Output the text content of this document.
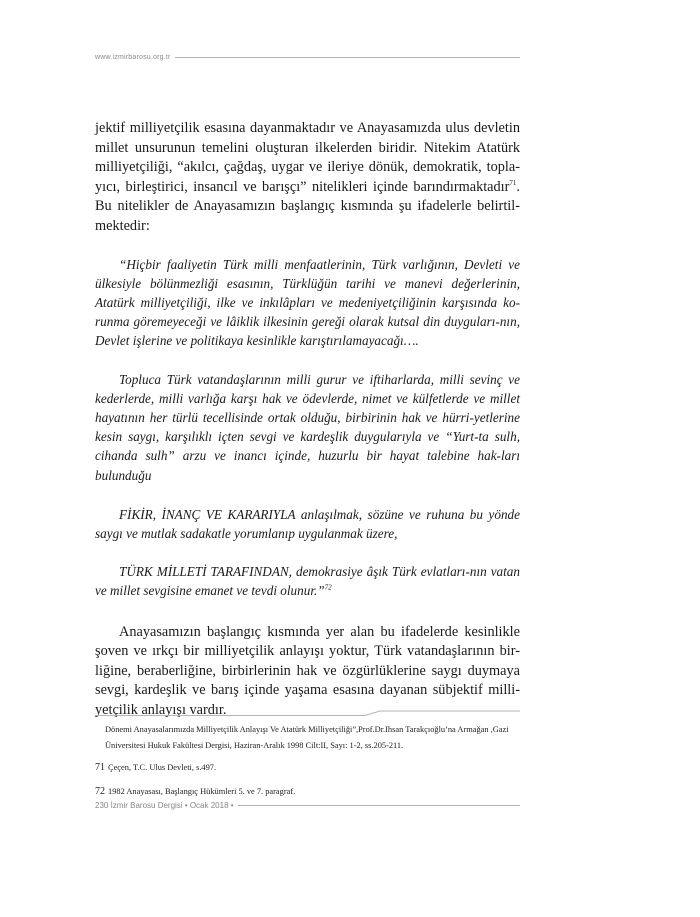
www.izmirbarosu.org.tr

jektif milliyetçilik esasına dayanmaktadır ve Anayasamızda ulus devletin millet unsurunun temelini oluşturan ilkelerden biridir. Nitekim Atatürk milliyetçiliği, “akılcı, çağdaş, uygar ve ileriye dönük, demokratik, topla-yıcı, birleştirici, insancıl ve barışçı” nitelikleri içinde barındırmaktadır$^{71}$. Bu nitelikler de Anayasamızın başlangıç kısmında şu ifadelerle belirtil-mektedir:

“Hiçbir faaliyetin Türk milli menfaatlerinin, Türk varlığının, Devleti ve ülkesiyle bölünmezliği esasının, Türklüğün tarihi ve manevi değerlerinin, Atatürk milliyetçiliği, ilke ve inkılâpları ve medeniyetçiliğinin karşısında ko-runma göremeyeceği ve lâiklik ilkesinin gereği olarak kutsal din duyguları-nın, Devlet işlerine ve politikaya kesinlikle karıştırılamayacağı….

Topluca Türk vatandaşlarının milli gurur ve iftiharlarda, milli sevinç ve kederlerde, milli varlığa karşı hak ve ödevlerde, nimet ve külfetlerde ve millet hayatının her türlü tecellisinde ortak olduğu, birbirinin hak ve hürri-yetlerine kesin saygı, karşılıklı içten sevgi ve kardeşlik duygularıyla ve “Yurt-ta sulh, cihanda sulh” arzu ve inancı içinde, huzurlu bir hayat talebine hak-ları bulunduğu

FİKİR, İNANÇ VE KARARIYLA anlaşılmak, sözüne ve ruhuna bu yönde saygı ve mutlak sadakatle yorumlanıp uygulanmak üzere,

TÜRK MİLLETİ TARAFINDAN, demokrasiye âşık Türk evlatları-nın vatan ve millet sevgisine emanet ve tevdi olunur.”$^{72}$

Anayasamızın başlangıç kısmında yer alan bu ifadelerde kesinlikle şoven ve ırkçı bir milliyetçilik anlayışı yoktur, Türk vatandaşlarının bir-liğine, beraberliğine, birbirlerinin hak ve özgürlüklerine saygı duymaya sevgi, kardeşlik ve barış içinde yaşama esasına dayanan sübjektif milli-yetçilik anlayışı vardır.

Dönemi Anayasalarımızda Milliyetçilik Anlayışı Ve Atatürk Milliyetçiliği”,Prof.Dr.Ihsan Tarakçıoğlu’na Armağan ,Gazi Üniversitesi Hukuk Fakültesi Dergisi, Haziran-Aralık 1998 Cilt:II, Sayı: 1-2, ss.205-211.
71 Çeçen, T.C. Ulus Devleti, s.497.
72 1982 Anayasası, Başlangıç Hükümleri 5. ve 7. paragraf.
230 İzmir Barosu Dergisi • Ocak 2018 •
